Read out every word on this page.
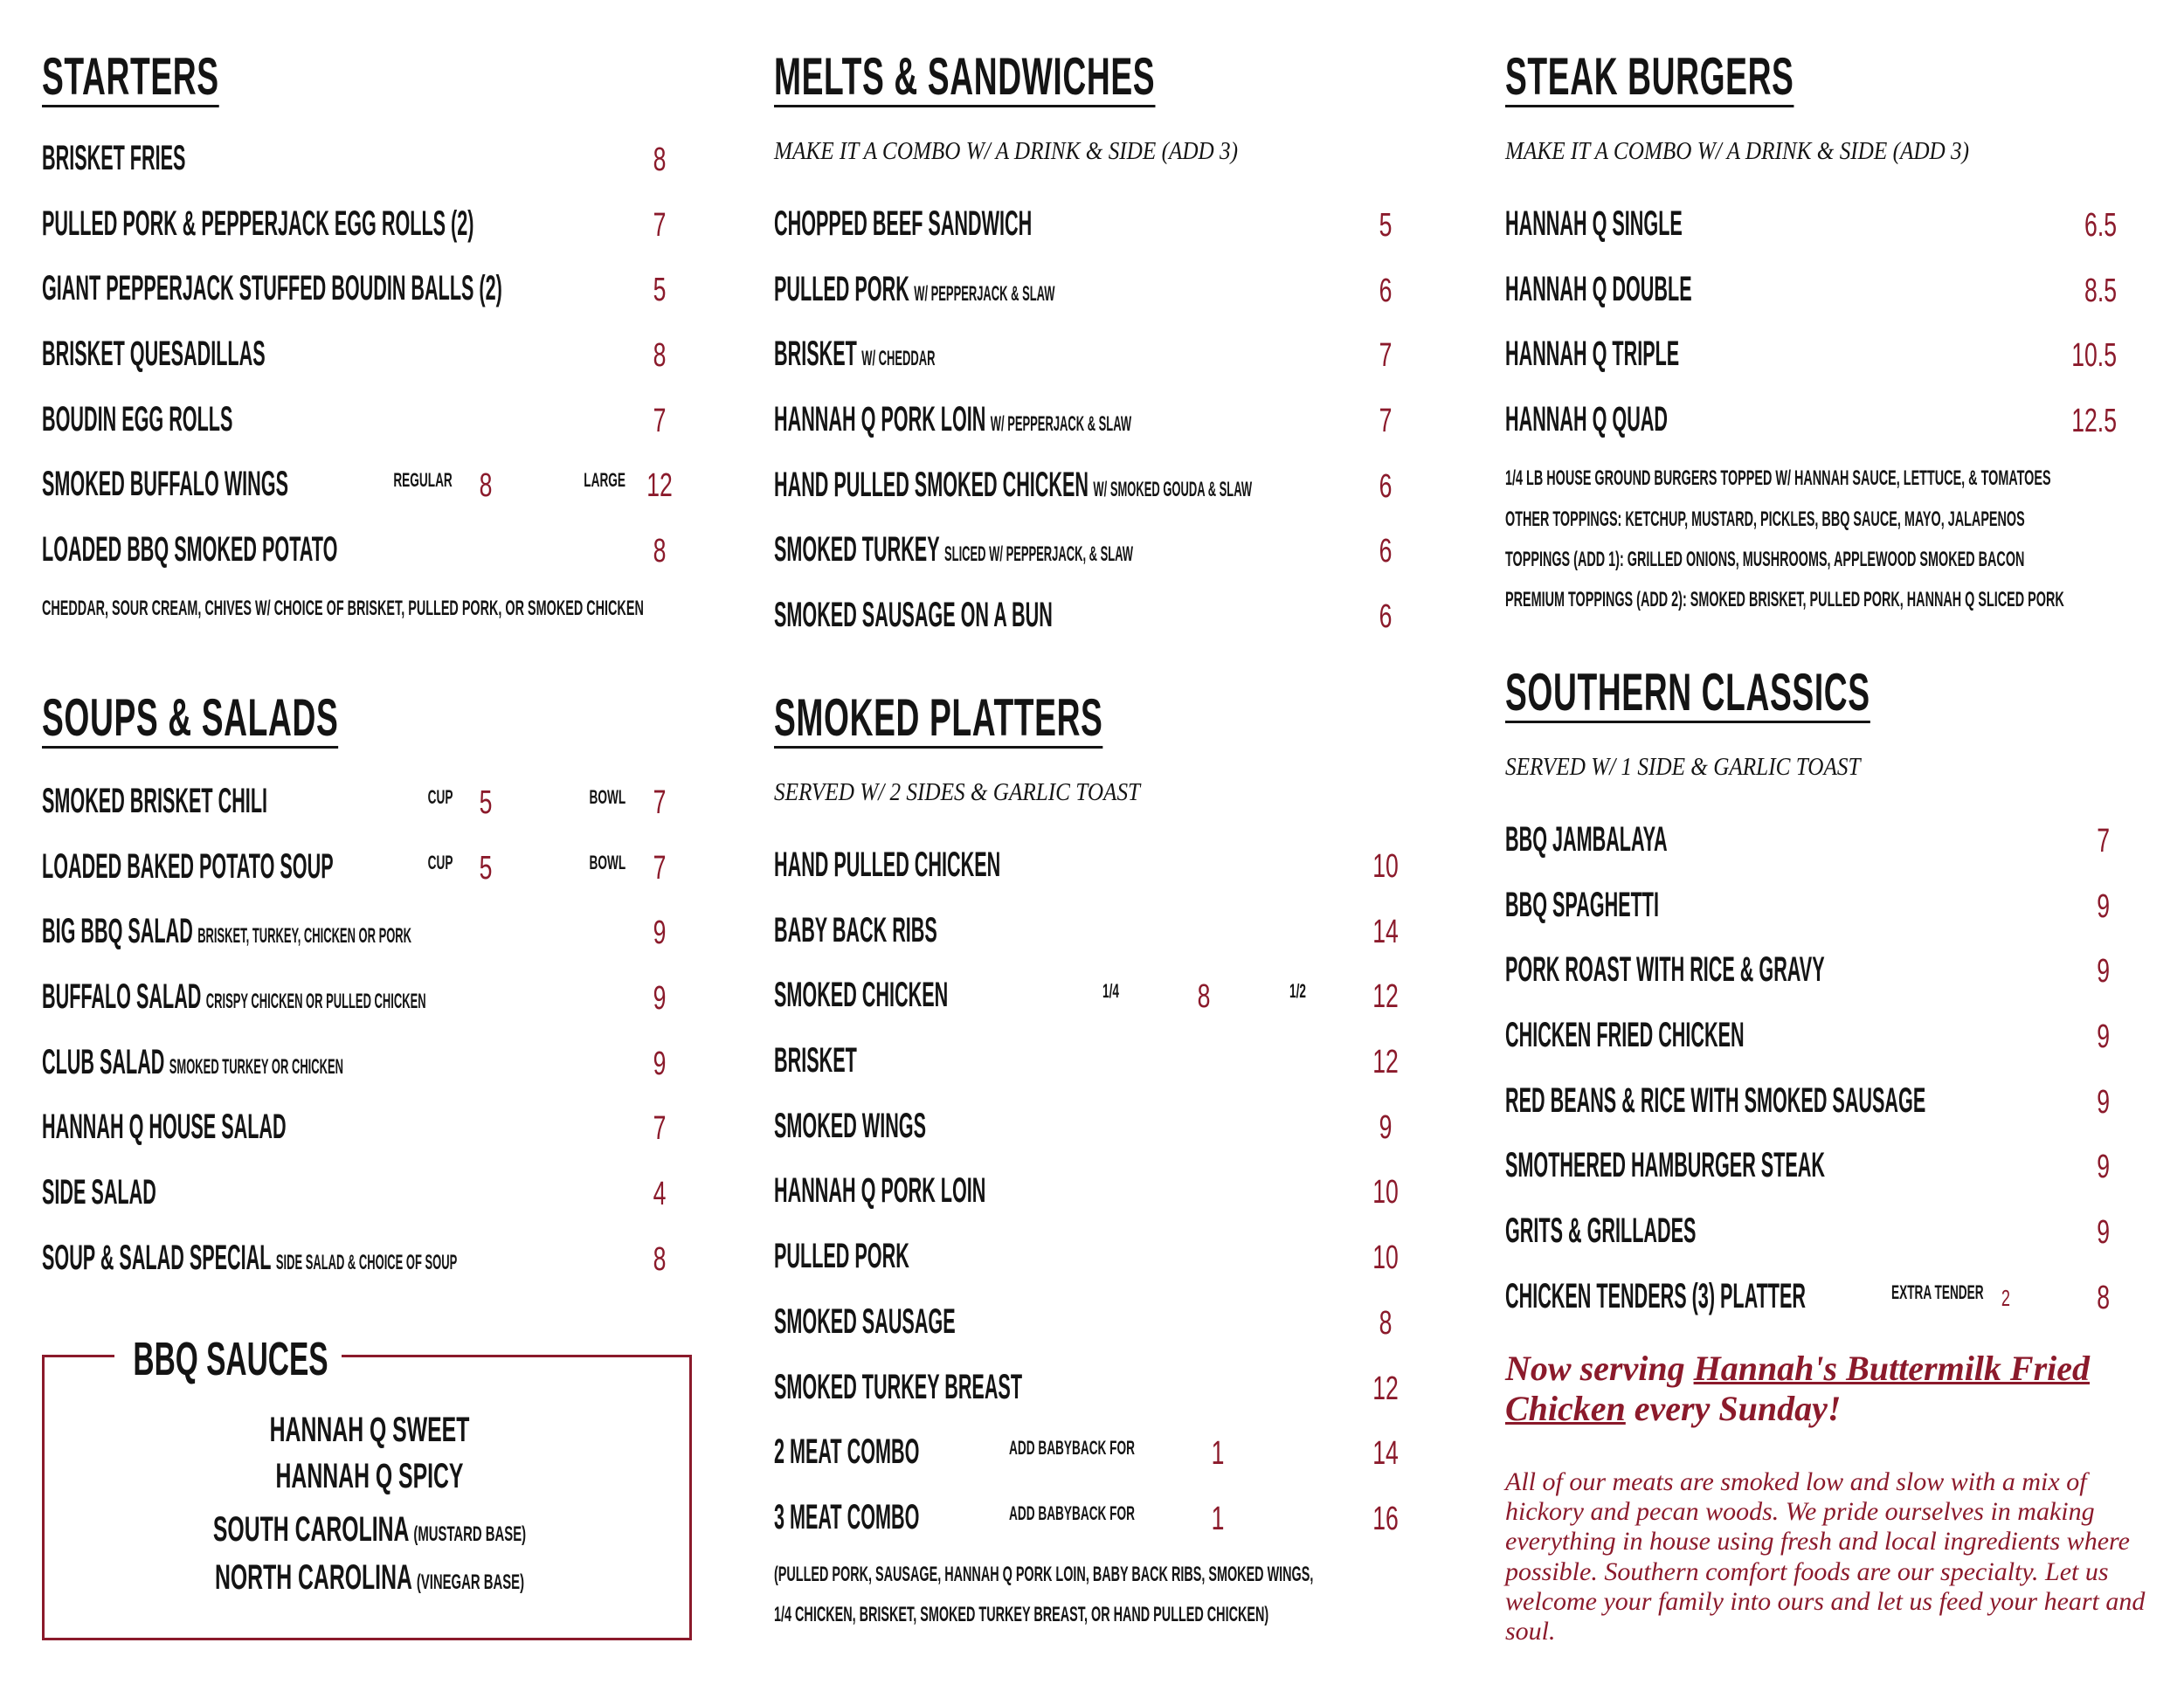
STARTERS
BRISKET FRIES	8
PULLED PORK & PEPPERJACK EGG ROLLS (2)	7
GIANT PEPPERJACK STUFFED BOUDIN BALLS (2)	5
BRISKET QUESADILLAS	8
BOUDIN EGG ROLLS	7
SMOKED BUFFALO WINGS	REGULAR 8	LARGE 12
LOADED BBQ SMOKED POTATO	8
CHEDDAR, SOUR CREAM, CHIVES W/ CHOICE OF BRISKET, PULLED PORK, OR SMOKED CHICKEN
SOUPS & SALADS
SMOKED BRISKET CHILI	CUP 5	BOWL 7
LOADED BAKED POTATO SOUP	CUP 5	BOWL 7
BIG BBQ SALAD BRISKET, TURKEY, CHICKEN OR PORK	9
BUFFALO SALAD CRISPY CHICKEN OR PULLED CHICKEN	9
CLUB SALAD SMOKED TURKEY OR CHICKEN	9
HANNAH Q HOUSE SALAD	7
SIDE SALAD	4
SOUP & SALAD SPECIAL SIDE SALAD & CHOICE OF SOUP	8
BBQ SAUCES
HANNAH Q SWEET
HANNAH Q SPICY
SOUTH CAROLINA (MUSTARD BASE)
NORTH CAROLINA (VINEGAR BASE)
MELTS & SANDWICHES
MAKE IT A COMBO W/ A DRINK & SIDE (ADD 3)
CHOPPED BEEF SANDWICH	5
PULLED PORK W/ PEPPERJACK & SLAW	6
BRISKET W/ CHEDDAR	7
HANNAH Q PORK LOIN W/ PEPPERJACK & SLAW	7
HAND PULLED SMOKED CHICKEN W/ SMOKED GOUDA & SLAW	6
SMOKED TURKEY SLICED W/ PEPPERJACK, & SLAW	6
SMOKED SAUSAGE ON A BUN	6
SMOKED PLATTERS
SERVED W/ 2 SIDES & GARLIC TOAST
HAND PULLED CHICKEN	10
BABY BACK RIBS	14
SMOKED CHICKEN	1/4	8	1/2	12
BRISKET	12
SMOKED WINGS	9
HANNAH Q PORK LOIN	10
PULLED PORK	10
SMOKED SAUSAGE	8
SMOKED TURKEY BREAST	12
2 MEAT COMBO	ADD BABYBACK FOR	1	14
3 MEAT COMBO	ADD BABYBACK FOR	1	16
(PULLED PORK, SAUSAGE, HANNAH Q PORK LOIN, BABY BACK RIBS, SMOKED WINGS,
1/4 CHICKEN, BRISKET, SMOKED TURKEY BREAST, OR HAND PULLED CHICKEN)
STEAK BURGERS
MAKE IT A COMBO W/ A DRINK & SIDE (ADD 3)
HANNAH Q SINGLE	6.5
HANNAH Q DOUBLE	8.5
HANNAH Q TRIPLE	10.5
HANNAH Q QUAD	12.5
1/4 LB HOUSE GROUND BURGERS TOPPED W/ HANNAH SAUCE, LETTUCE, & TOMATOES
OTHER TOPPINGS: KETCHUP, MUSTARD, PICKLES, BBQ SAUCE, MAYO, JALAPENOS
TOPPINGS (ADD 1): GRILLED ONIONS, MUSHROOMS, APPLEWOOD SMOKED BACON
PREMIUM TOPPINGS (ADD 2): SMOKED BRISKET, PULLED PORK, HANNAH Q SLICED PORK
SOUTHERN CLASSICS
SERVED W/ 1 SIDE & GARLIC TOAST
BBQ JAMBALAYA	7
BBQ SPAGHETTI	9
PORK ROAST WITH RICE & GRAVY	9
CHICKEN FRIED CHICKEN	9
RED BEANS & RICE WITH SMOKED SAUSAGE	9
SMOTHERED HAMBURGER STEAK	9
GRITS & GRILLADES	9
CHICKEN TENDERS (3) PLATTER	EXTRA TENDER 2	8
Now serving Hannah's Buttermilk Fried Chicken every Sunday!
All of our meats are smoked low and slow with a mix of hickory and pecan woods. We pride ourselves in making everything in house using fresh and local ingredients where possible. Southern comfort foods are our specialty. Let us welcome your family into ours and let us feed your heart and soul.
